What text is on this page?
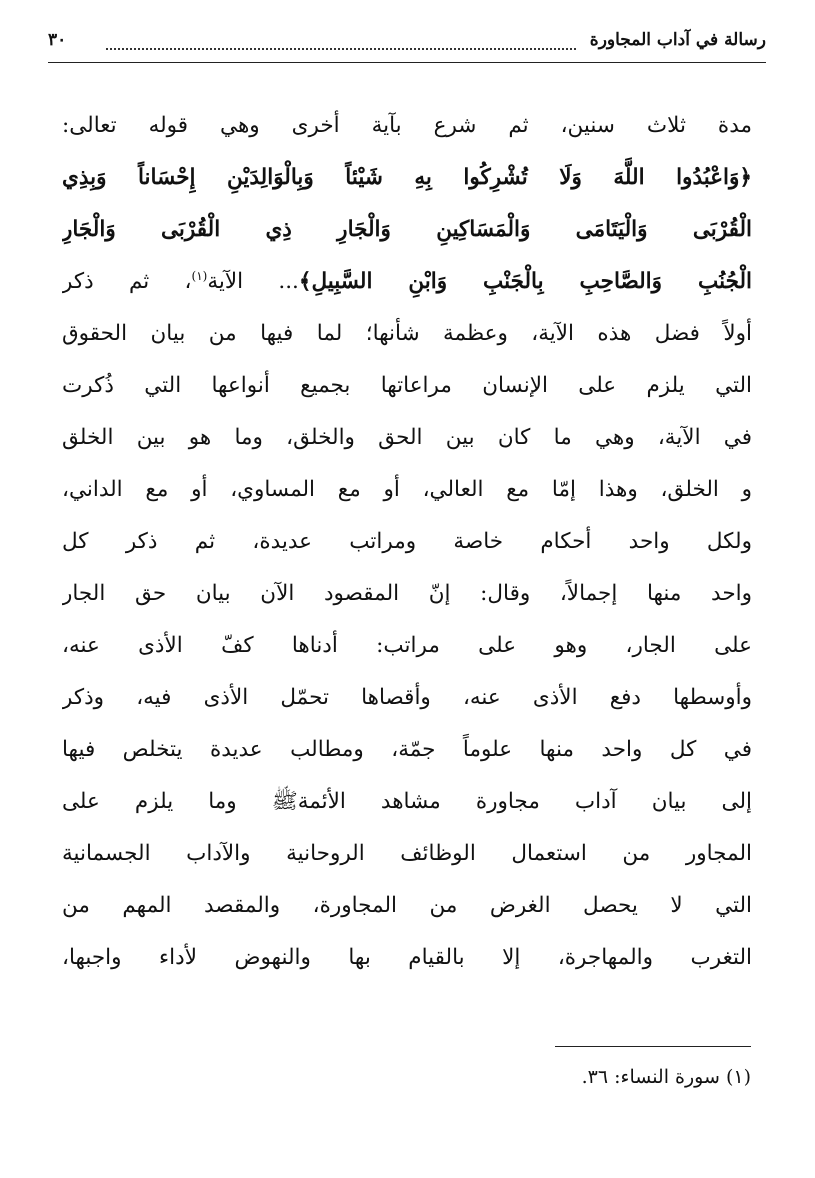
رسالة في آداب المجاورة
٣٠
مدة ثلاث سنين، ثم شرع بآية أخرى وهي قوله تعالى:
﴿وَاعْبُدُوا اللَّهَ وَلَا تُشْرِكُوا بِهِ شَيْئاً وَبِالْوَالِدَيْنِ إِحْسَاناً وَبِذِي
الْقُرْبَى وَالْيَتَامَى وَالْمَسَاكِينِ وَالْجَارِ ذِي الْقُرْبَى وَالْجَارِ
الْجُنُبِ وَالصَّاحِبِ بِالْجَنْبِ وَابْنِ السَّبِيلِ﴾... الآية$^{(١)}$، ثم ذكر
أولاً فضل هذه الآية، وعظمة شأنها؛ لما فيها من بيان الحقوق
التي يلزم على الإنسان مراعاتها بجميع أنواعها التي ذُكرت
في الآية، وهي ما كان بين الحق والخلق، وما هو بين الخلق
و الخلق، وهذا إمّا مع العالي، أو مع المساوي، أو مع الداني،
ولكل واحد أحكام خاصة ومراتب عديدة، ثم ذكر كل
واحد منها إجمالاً، وقال: إنّ المقصود الآن بيان حق الجار
على الجار، وهو على مراتب: أدناها كفّ الأذى عنه،
وأوسطها دفع الأذى عنه، وأقصاها تحمّل الأذى فيه، وذكر
في كل واحد منها علوماً جمّة، ومطالب عديدة يتخلص فيها
إلى بيان آداب مجاورة مشاهد الأئمةﷺ وما يلزم على
المجاور من استعمال الوظائف الروحانية والآداب الجسمانية
التي لا يحصل الغرض من المجاورة، والمقصد المهم من
التغرب والمهاجرة، إلا بالقيام بها والنهوض لأداء واجبها،
(١) سورة النساء: ٣٦.
